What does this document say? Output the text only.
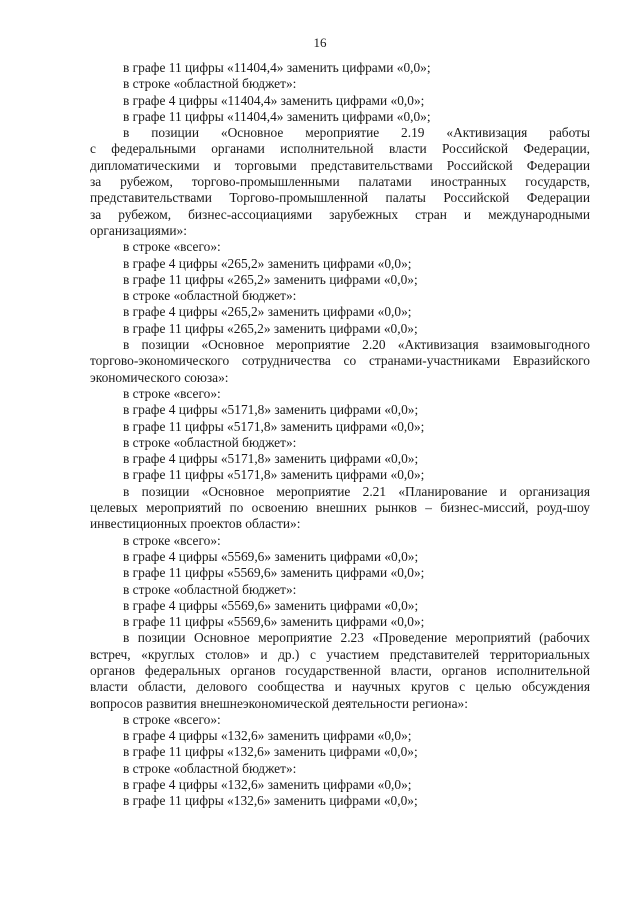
16
в графе 11 цифры «11404,4» заменить цифрами «0,0»;
в строке «областной бюджет»:
в графе 4 цифры «11404,4» заменить цифрами «0,0»;
в графе 11 цифры «11404,4» заменить цифрами «0,0»;
в позиции «Основное мероприятие 2.19 «Активизация работы
с федеральными органами исполнительной власти Российской Федерации,
дипломатическими и торговыми представительствами Российской Федерации
за рубежом, торгово-промышленными палатами иностранных государств,
представительствами Торгово-промышленной палаты Российской Федерации
за рубежом, бизнес-ассоциациями зарубежных стран и международными
организациями»:
в строке «всего»:
в графе 4 цифры «265,2» заменить цифрами «0,0»;
в графе 11 цифры «265,2» заменить цифрами «0,0»;
в строке «областной бюджет»:
в графе 4 цифры «265,2» заменить цифрами «0,0»;
в графе 11 цифры «265,2» заменить цифрами «0,0»;
в позиции «Основное мероприятие 2.20 «Активизация взаимовыгодного
торгово-экономического сотрудничества со странами-участниками Евразийского
экономического союза»:
в строке «всего»:
в графе 4 цифры «5171,8» заменить цифрами «0,0»;
в графе 11 цифры «5171,8» заменить цифрами «0,0»;
в строке «областной бюджет»:
в графе 4 цифры «5171,8» заменить цифрами «0,0»;
в графе 11 цифры «5171,8» заменить цифрами «0,0»;
в позиции «Основное мероприятие 2.21 «Планирование и организация
целевых мероприятий по освоению внешних рынков – бизнес-миссий, роуд-шоу
инвестиционных проектов области»:
в строке «всего»:
в графе 4 цифры «5569,6» заменить цифрами «0,0»;
в графе 11 цифры «5569,6» заменить цифрами «0,0»;
в строке «областной бюджет»:
в графе 4 цифры «5569,6» заменить цифрами «0,0»;
в графе 11 цифры «5569,6» заменить цифрами «0,0»;
в позиции Основное мероприятие 2.23 «Проведение мероприятий (рабочих
встреч, «круглых столов» и др.) с участием представителей территориальных
органов федеральных органов государственной власти, органов исполнительной
власти области, делового сообщества и научных кругов с целью обсуждения
вопросов развития внешнеэкономической деятельности региона»:
в строке «всего»:
в графе 4 цифры «132,6» заменить цифрами «0,0»;
в графе 11 цифры «132,6» заменить цифрами «0,0»;
в строке «областной бюджет»:
в графе 4 цифры «132,6» заменить цифрами «0,0»;
в графе 11 цифры «132,6» заменить цифрами «0,0»;
